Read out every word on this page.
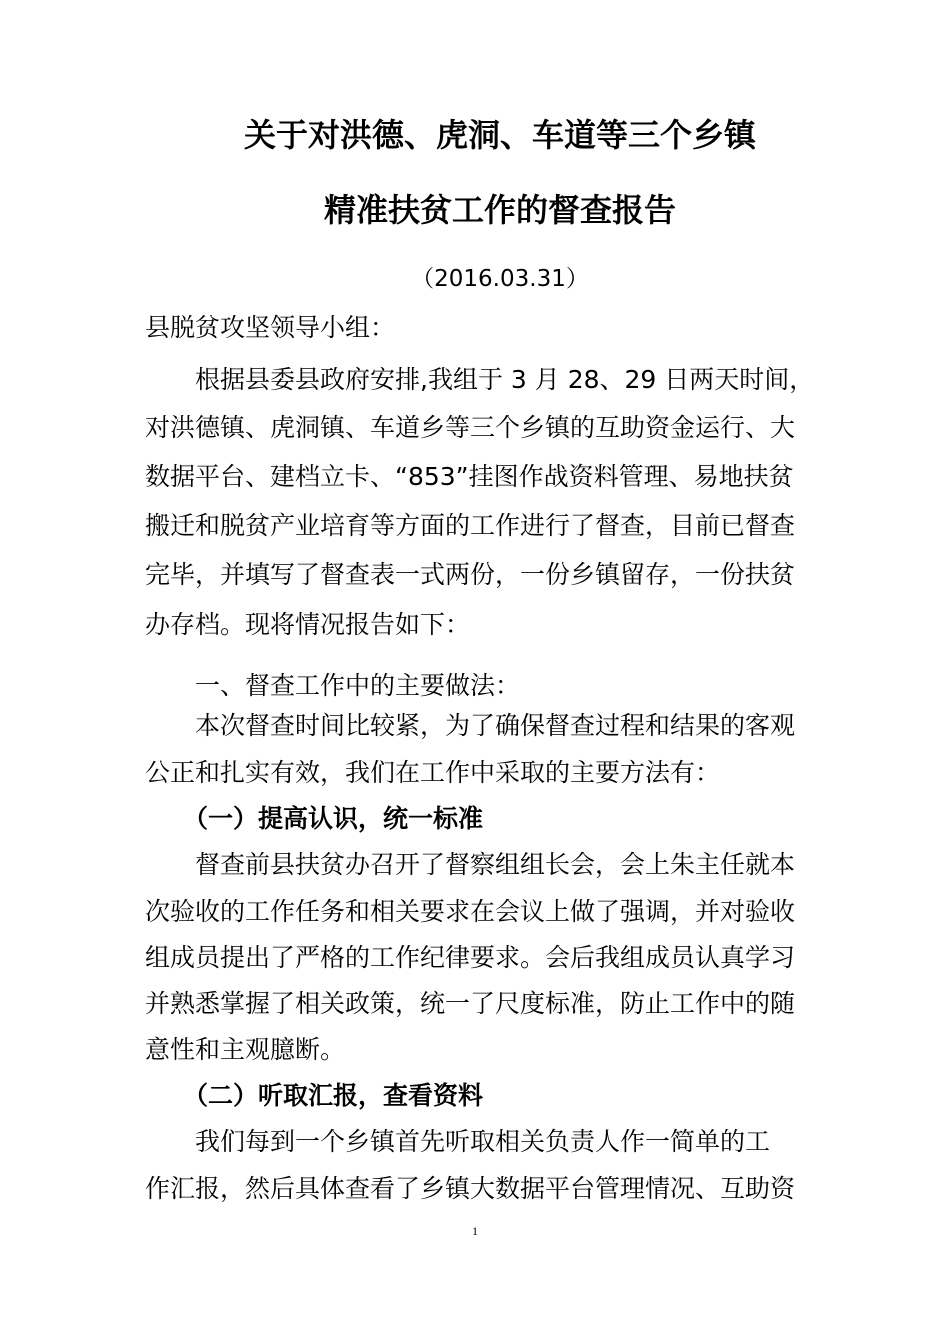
关于对洪德、虎洞、车道等三个乡镇
精准扶贫工作的督查报告
（2016.03.31）
县脱贫攻坚领导小组：
根据县委县政府安排,我组于 3 月 28、29 日两天时间，
对洪德镇、虎洞镇、车道乡等三个乡镇的互助资金运行、大
数据平台、建档立卡、“853”挂图作战资料管理、易地扶贫
搬迁和脱贫产业培育等方面的工作进行了督查，目前已督查
完毕，并填写了督查表一式两份，一份乡镇留存，一份扶贫
办存档。现将情况报告如下：
一、督查工作中的主要做法：
本次督查时间比较紧，为了确保督查过程和结果的客观
公正和扎实有效，我们在工作中采取的主要方法有：
（一）提高认识，统一标准
督查前县扶贫办召开了督察组组长会，会上朱主任就本
次验收的工作任务和相关要求在会议上做了强调，并对验收
组成员提出了严格的工作纪律要求。会后我组成员认真学习
并熟悉掌握了相关政策，统一了尺度标准，防止工作中的随
意性和主观臆断。
（二）听取汇报，查看资料
我们每到一个乡镇首先听取相关负责人作一简单的工
作汇报，然后具体查看了乡镇大数据平台管理情况、互助资
1
